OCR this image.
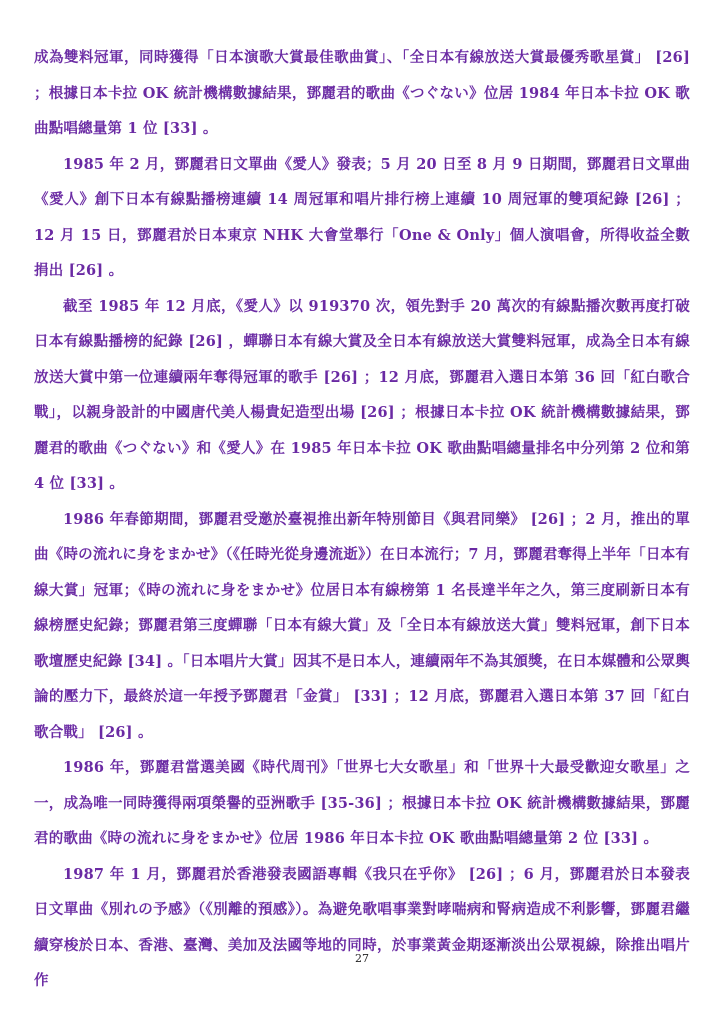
成為雙料冠軍，同時獲得「日本演歌大賞最佳歌曲賞」、「全日本有線放送大賞最優秀歌星賞」 [26] ；根據日本卡拉 OK 統計機構數據結果，鄧麗君的歌曲《つぐない》位居 1984 年日本卡拉 OK 歌曲點唱總量第 1 位 [33] 。

1985 年 2 月，鄧麗君日文單曲《愛人》發表；5 月 20 日至 8 月 9 日期間，鄧麗君日文單曲《愛人》創下日本有線點播榜連續 14 周冠軍和唱片排行榜上連續 10 周冠軍的雙項紀錄 [26] ；12 月 15 日，鄧麗君於日本東京 NHK 大會堂舉行「One & Only」個人演唱會，所得收益全數捐出 [26] 。

截至 1985 年 12 月底，《愛人》以 919370 次，領先對手 20 萬次的有線點播次數再度打破日本有線點播榜的紀錄 [26] ，蟬聯日本有線大賞及全日本有線放送大賞雙料冠軍，成為全日本有線放送大賞中第一位連續兩年奪得冠軍的歌手 [26] ；12 月底，鄧麗君入選日本第 36 回「紅白歌合戰」，以親身設計的中國唐代美人楊貴妃造型出場 [26] ；根據日本卡拉 OK 統計機構數據結果，鄧麗君的歌曲《つぐない》和《愛人》在 1985 年日本卡拉 OK 歌曲點唱總量排名中分列第 2 位和第 4 位 [33] 。

1986 年春節期間，鄧麗君受邀於臺視推出新年特別節目《與君同樂》 [26] ；2 月，推出的單曲《時の流れに身をまかせ》（《任時光從身邊流逝》）在日本流行；7 月，鄧麗君奪得上半年「日本有線大賞」冠軍；《時の流れに身をまかせ》位居日本有線榜第 1 名長達半年之久，第三度刷新日本有線榜歷史紀錄；鄧麗君第三度蟬聯「日本有線大賞」及「全日本有線放送大賞」雙料冠軍，創下日本歌壇歷史紀錄 [34] 。「日本唱片大賞」因其不是日本人，連續兩年不為其頒獎，在日本媒體和公眾輿論的壓力下，最終於這一年授予鄧麗君「金賞」 [33] ；12 月底，鄧麗君入選日本第 37 回「紅白歌合戰」 [26] 。

1986 年，鄧麗君當選美國《時代周刊》「世界七大女歌星」和「世界十大最受歡迎女歌星」之一，成為唯一同時獲得兩項榮譽的亞洲歌手 [35-36] ；根據日本卡拉 OK 統計機構數據結果，鄧麗君的歌曲《時の流れに身をまかせ》位居 1986 年日本卡拉 OK 歌曲點唱總量第 2 位 [33] 。

1987 年 1 月，鄧麗君於香港發表國語專輯《我只在乎你》 [26] ；6 月，鄧麗君於日本發表日文單曲《別れの予感》（《別離的預感》）。為避免歌唱事業對哮喘病和腎病造成不利影響，鄧麗君繼續穿梭於日本、香港、臺灣、美加及法國等地的同時，於事業黃金期逐漸淡出公眾視線，除推出唱片作

27
